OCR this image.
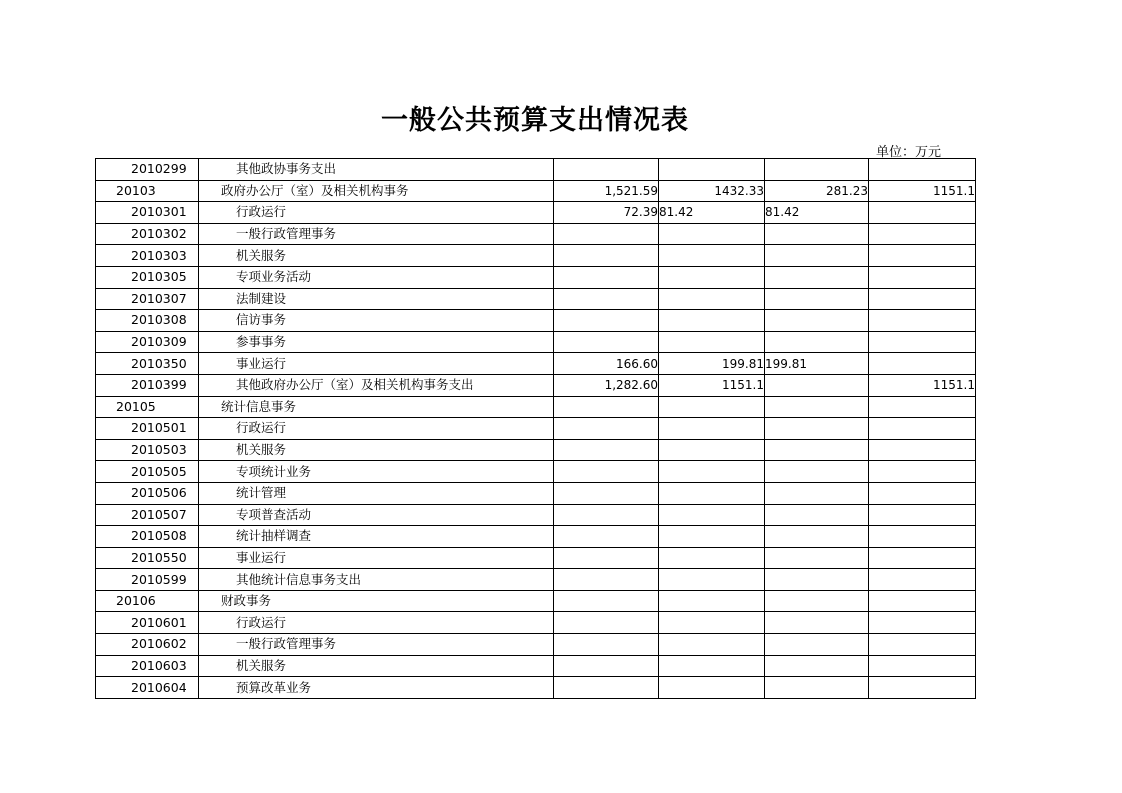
一般公共预算支出情况表
单位：万元
2010299	其他政协事务支出				
20103	政府办公厅（室）及相关机构事务	1,521.59	1432.33	281.23	1151.1
2010301	行政运行	72.39	81.42	81.42	
2010302	一般行政管理事务				
2010303	机关服务				
2010305	专项业务活动				
2010307	法制建设				
2010308	信访事务				
2010309	参事事务				
2010350	事业运行	166.60	199.81	199.81	
2010399	其他政府办公厅（室）及相关机构事务支出	1,282.60	1151.1		1151.1
20105	统计信息事务				
2010501	行政运行				
2010503	机关服务				
2010505	专项统计业务				
2010506	统计管理				
2010507	专项普查活动				
2010508	统计抽样调查				
2010550	事业运行				
2010599	其他统计信息事务支出				
20106	财政事务				
2010601	行政运行				
2010602	一般行政管理事务				
2010603	机关服务				
2010604	预算改革业务				
